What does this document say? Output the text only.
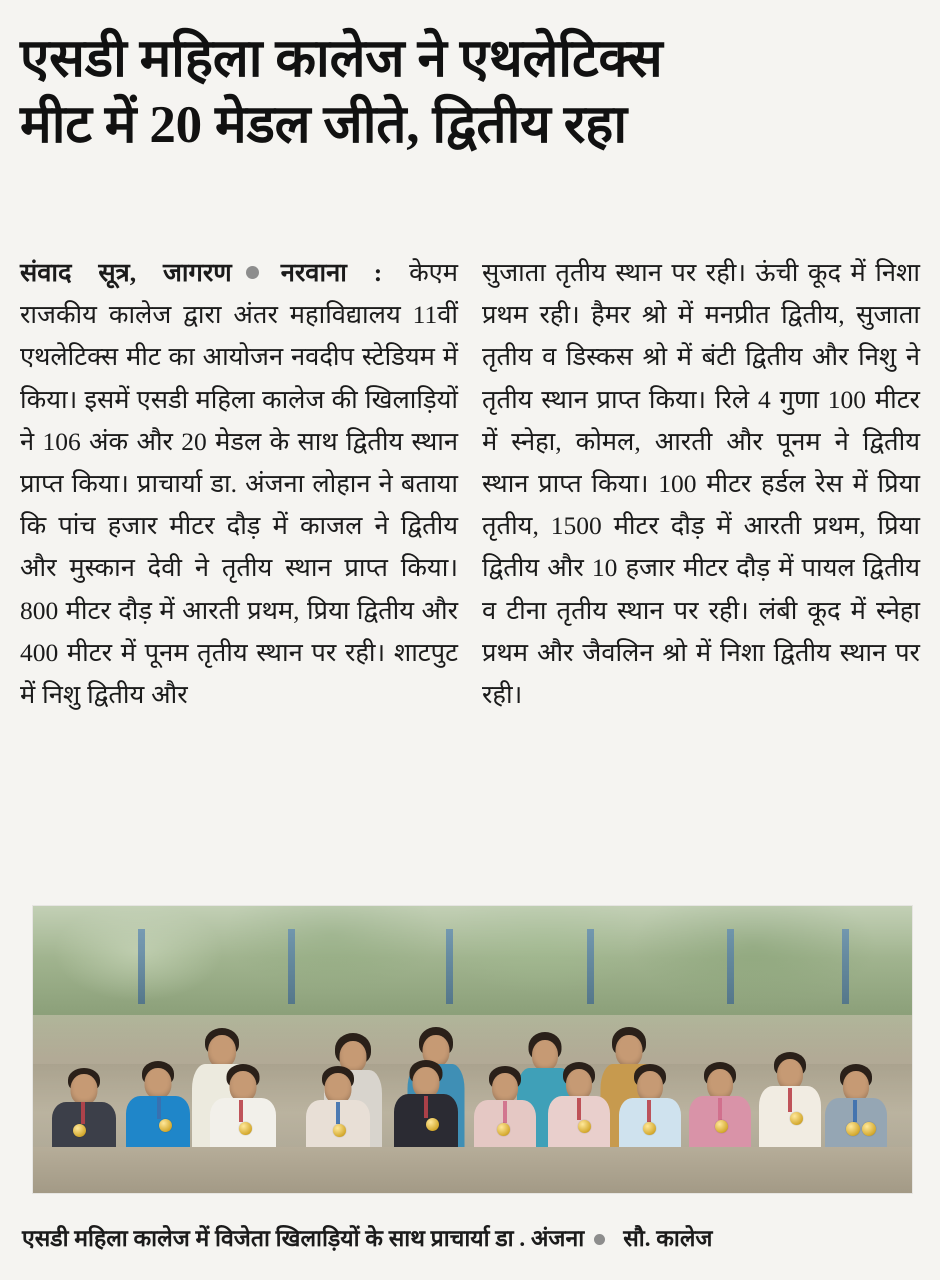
एसडी महिला कालेज ने एथलेटिक्स
मीट में 20 मेडल जीते, द्वितीय रहा

संवाद सूत्र, जागरण नरवाना : केएम राजकीय कालेज द्वारा अंतर महाविद्यालय 11वीं एथलेटिक्स मीट का आयोजन नवदीप स्टेडियम में किया। इसमें एसडी महिला कालेज की खिलाड़ियों ने 106 अंक और 20 मेडल के साथ द्वितीय स्थान प्राप्त किया। प्राचार्या डा. अंजना लोहान ने बताया कि पांच हजार मीटर दौड़ में काजल ने द्वितीय और मुस्कान देवी ने तृतीय स्थान प्राप्त किया। 800 मीटर दौड़ में आरती प्रथम, प्रिया द्वितीय और 400 मीटर में पूनम तृतीय स्थान पर रही। शाटपुट में निशु द्वितीय और

सुजाता तृतीय स्थान पर रही। ऊंची कूद में निशा प्रथम रही। हैमर श्रो में मनप्रीत द्वितीय, सुजाता तृतीय व डिस्कस श्रो में बंटी द्वितीय और निशु ने तृतीय स्थान प्राप्त किया। रिले 4 गुणा 100 मीटर में स्नेहा, कोमल, आरती और पूनम ने द्वितीय स्थान प्राप्त किया। 100 मीटर हर्डल रेस में प्रिया तृतीय, 1500 मीटर दौड़ में आरती प्रथम, प्रिया द्वितीय और 10 हजार मीटर दौड़ में पायल द्वितीय व टीना तृतीय स्थान पर रही। लंबी कूद में स्नेहा प्रथम और जैवलिन श्रो में निशा द्वितीय स्थान पर रही।

एसडी महिला कालेज में विजेता खिलाड़ियों के साथ प्राचार्या डा . अंजना सौ. कालेज
